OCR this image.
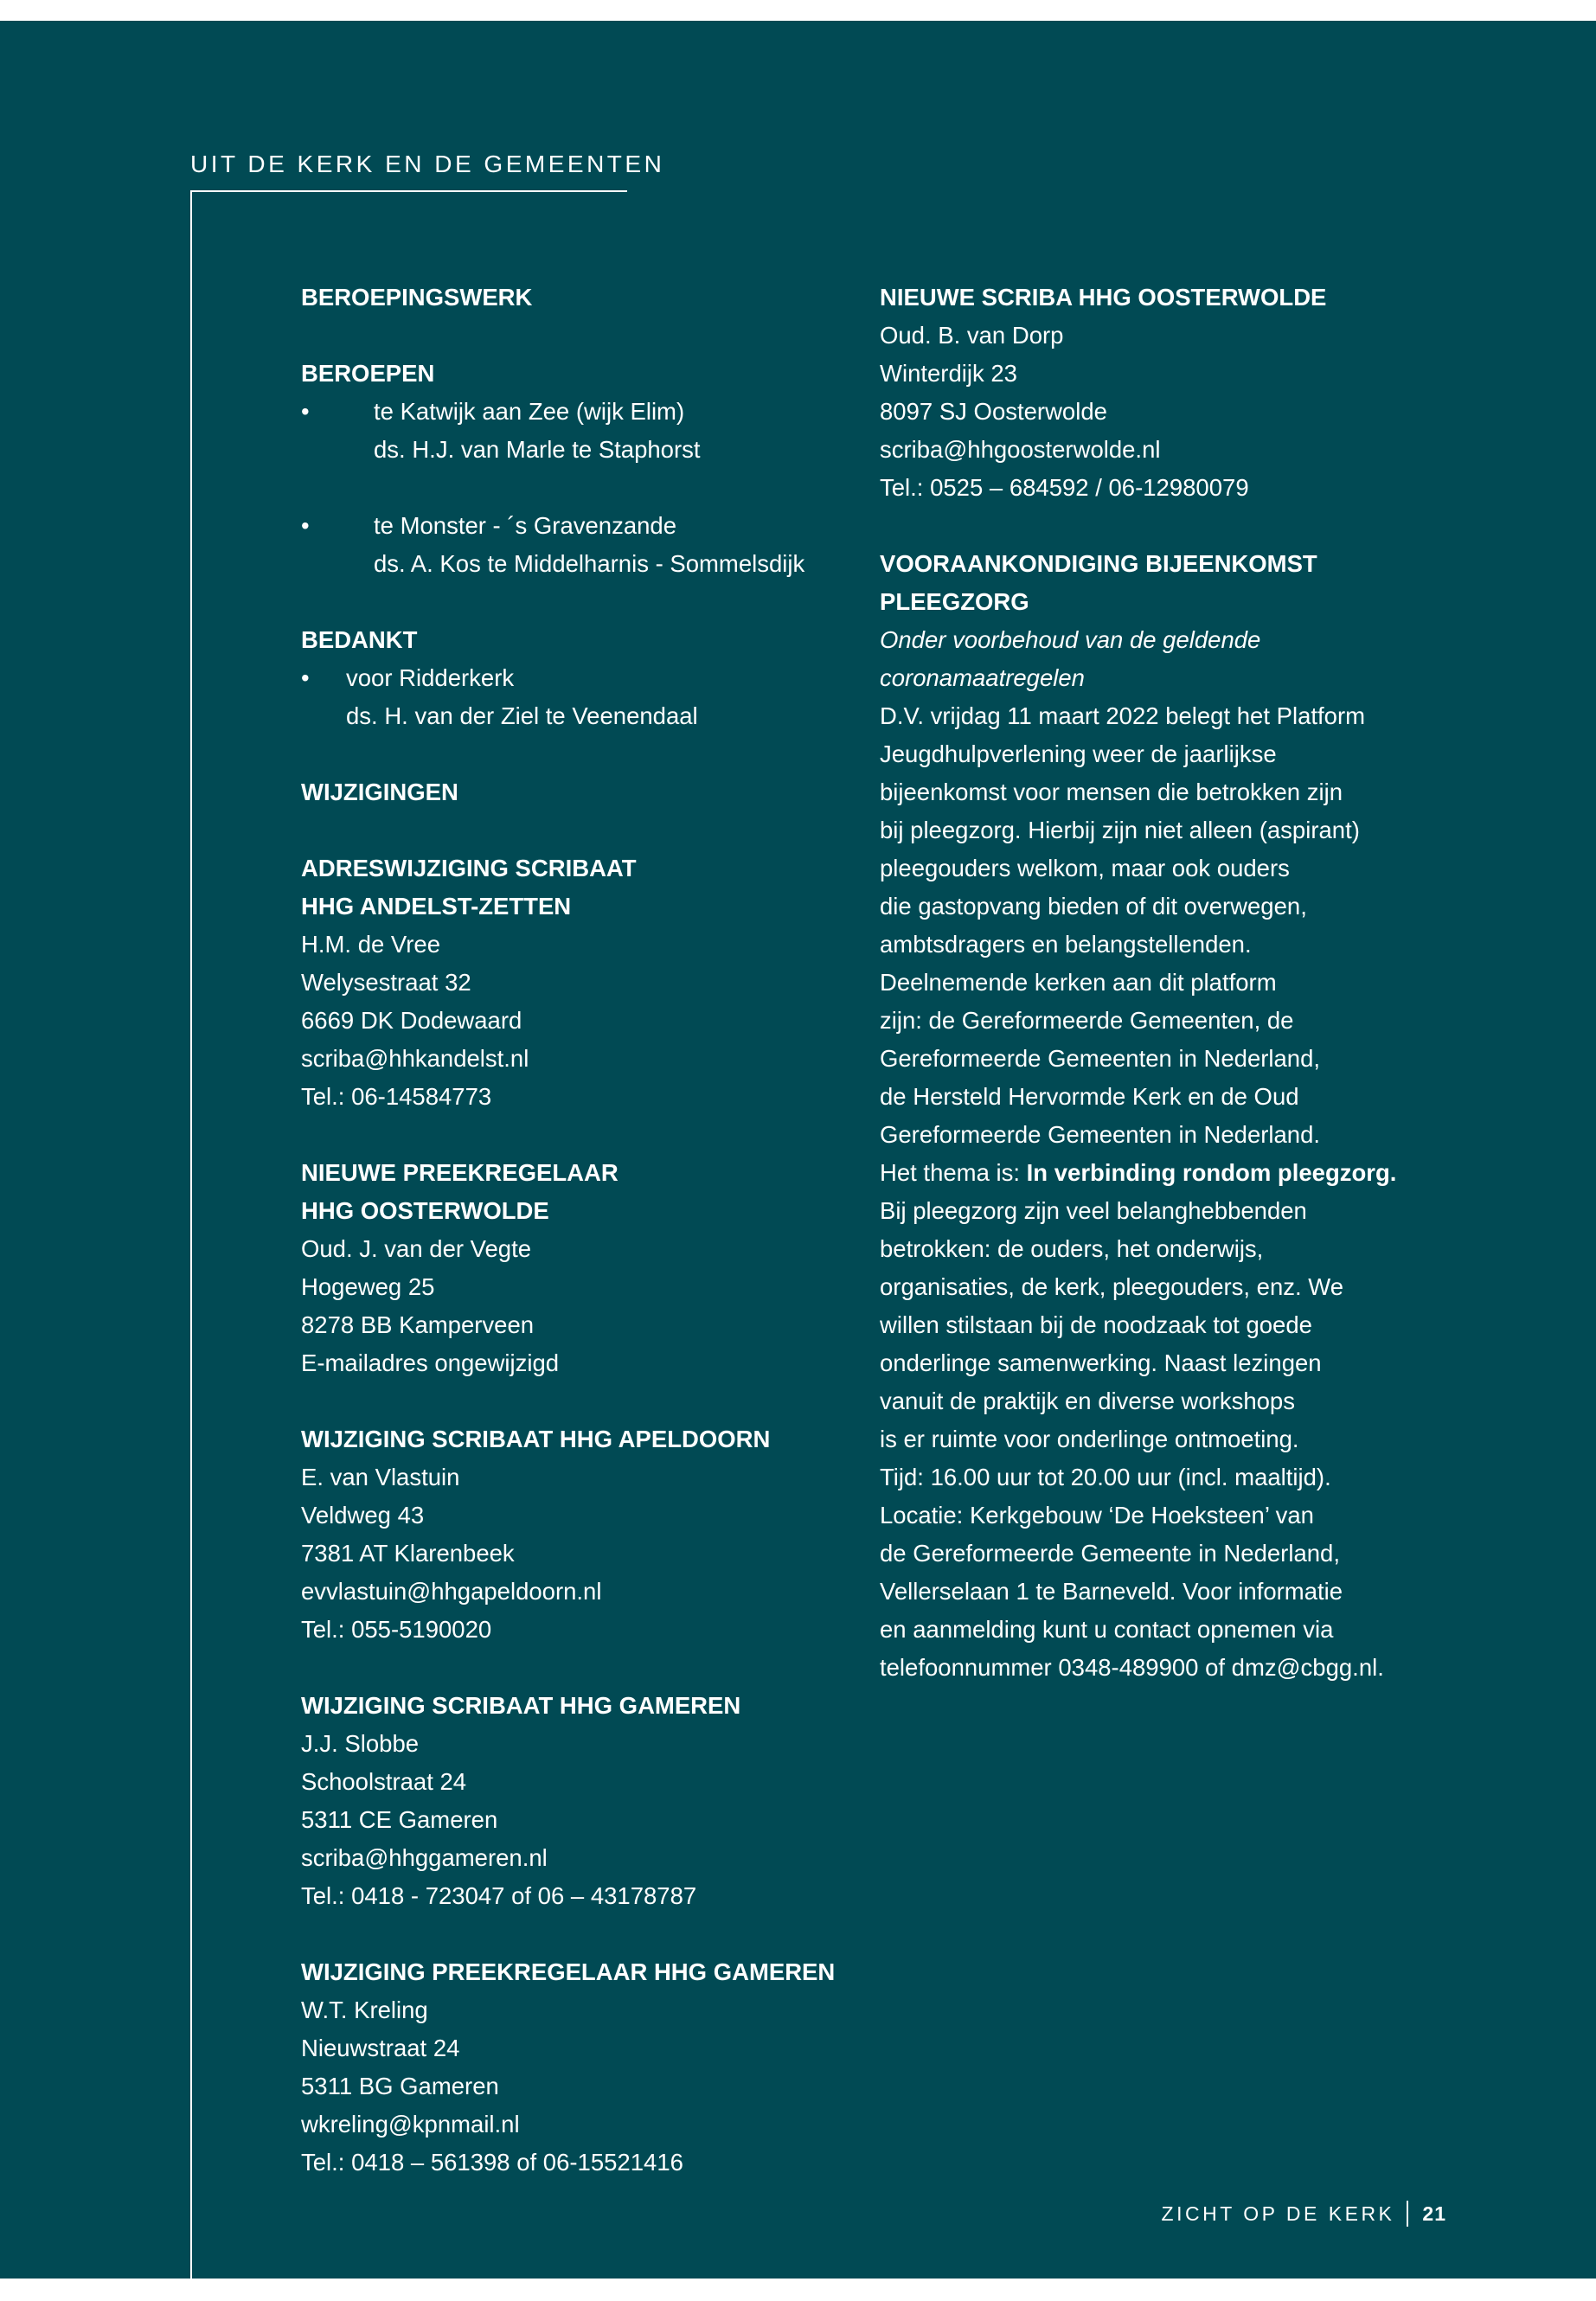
UIT DE KERK EN DE GEMEENTEN
BEROEPINGSWERK
BEROEPEN
•	te Katwijk aan Zee (wijk Elim)
ds. H.J. van Marle te Staphorst
•	te Monster - ´s Gravenzande
ds. A. Kos te Middelharnis - Sommelsdijk
BEDANKT
• voor Ridderkerk
ds. H. van der Ziel te Veenendaal
WIJZIGINGEN
ADRESWIJZIGING SCRIBAAT
HHG ANDELST-ZETTEN
H.M. de Vree
Welysestraat 32
6669 DK Dodewaard
scriba@hhkandelst.nl
Tel.: 06-14584773
NIEUWE PREEKREGELAAR
HHG OOSTERWOLDE
Oud. J. van der Vegte
Hogeweg 25
8278 BB Kamperveen
E-mailadres ongewijzigd
WIJZIGING SCRIBAAT HHG APELDOORN
E. van Vlastuin
Veldweg 43
7381 AT Klarenbeek
evvlastuin@hhgapeldoorn.nl
Tel.: 055-5190020
WIJZIGING SCRIBAAT HHG GAMEREN
J.J. Slobbe
Schoolstraat 24
5311 CE Gameren
scriba@hhggameren.nl
Tel.: 0418 - 723047 of 06 – 43178787
WIJZIGING PREEKREGELAAR HHG GAMEREN
W.T. Kreling
Nieuwstraat 24
5311 BG Gameren
wkreling@kpnmail.nl
Tel.: 0418 – 561398 of 06-15521416
NIEUWE SCRIBA HHG OOSTERWOLDE
Oud. B. van Dorp
Winterdijk 23
8097 SJ Oosterwolde
scriba@hhgoosterwolde.nl
Tel.: 0525 – 684592 / 06-12980079
VOORAANKONDIGING BIJEENKOMST
PLEEGZORG
Onder voorbehoud van de geldende
coronamaatregelen
D.V. vrijdag 11 maart 2022 belegt het Platform
Jeugdhulpverlening weer de jaarlijkse
bijeenkomst voor mensen die betrokken zijn
bij pleegzorg. Hierbij zijn niet alleen (aspirant)
pleegouders welkom, maar ook ouders
die gastopvang bieden of dit overwegen,
ambtsdragers en belangstellenden.
Deelnemende kerken aan dit platform
zijn: de Gereformeerde Gemeenten, de
Gereformeerde Gemeenten in Nederland,
de Hersteld Hervormde Kerk en de Oud
Gereformeerde Gemeenten in Nederland.
Het thema is: In verbinding rondom pleegzorg.
Bij pleegzorg zijn veel belanghebbenden
betrokken: de ouders, het onderwijs,
organisaties, de kerk, pleegouders, enz. We
willen stilstaan bij de noodzaak tot goede
onderlinge samenwerking. Naast lezingen
vanuit de praktijk en diverse workshops
is er ruimte voor onderlinge ontmoeting.
Tijd: 16.00 uur tot 20.00 uur (incl. maaltijd).
Locatie: Kerkgebouw ‘De Hoeksteen’ van
de Gereformeerde Gemeente in Nederland,
Vellerselaan 1 te Barneveld. Voor informatie
en aanmelding kunt u contact opnemen via
telefoonnummer 0348-489900 of dmz@cbgg.nl.
ZICHT OP DE KERK 21
